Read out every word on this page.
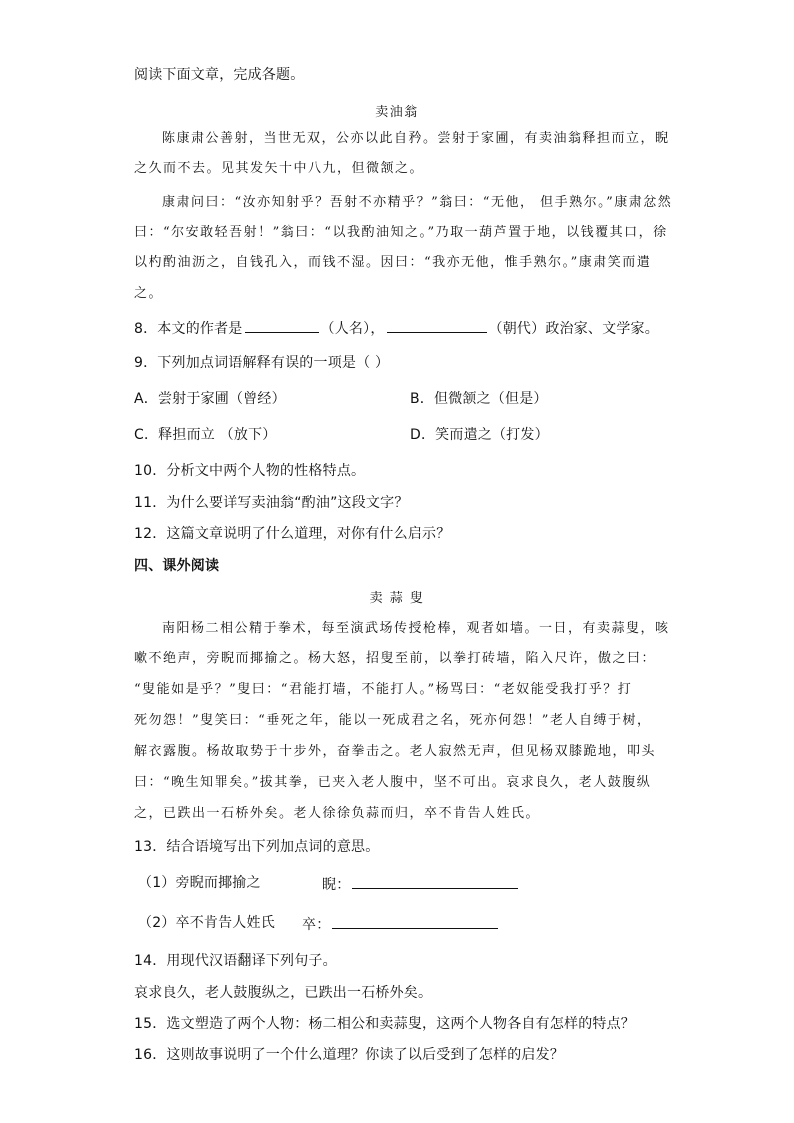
阅读下面文章，完成各题。
卖油翁
陈康肃公善射，当世无双，公亦以此自矜。尝射于家圃，有卖油翁释担而立，睨
之久而不去。见其发矢十中八九，但微颔之。
康肃问曰：“汝亦知射乎？吾射不亦精乎？”翁曰：“无他， 但手熟尔。”康肃忿然
曰：“尔安敢轻吾射！”翁曰：“以我酌油知之。”乃取一葫芦置于地，以钱覆其口，徐
以杓酌油沥之，自钱孔入，而钱不湿。因曰：“我亦无他，惟手熟尔。”康肃笑而遣
之。
8．本文的作者是	（人名），	（朝代）政治家、文学家。
9．下列加点词语解释有误的一项是（ ）
A．尝射于家圃（曾经）	B．但微颔之（但是）
C．释担而立 （放下）	D．笑而遣之（打发）
10．分析文中两个人物的性格特点。
11．为什么要详写卖油翁“酌油”这段文字？
12．这篇文章说明了什么道理，对你有什么启示？
四、课外阅读
卖 蒜 叟
南阳杨二相公精于拳术，每至演武场传授枪棒，观者如墙。一日，有卖蒜叟，咳
嗽不绝声，旁睨而揶揄之。杨大怒，招叟至前，以拳打砖墙，陷入尺许，傲之曰：
“叟能如是乎？”叟曰：“君能打墙，不能打人。”杨骂曰：“老奴能受我打乎？打
死勿怨！”叟笑曰：“垂死之年，能以一死成君之名，死亦何怨！”老人自缚于树，
解衣露腹。杨故取势于十步外，奋拳击之。老人寂然无声，但见杨双膝跪地，叩头
曰：“晚生知罪矣。”拔其拳，已夹入老人腹中，坚不可出。哀求良久，老人鼓腹纵
之，已跌出一石桥外矣。老人徐徐负蒜而归，卒不肯告人姓氏。
13．结合语境写出下列加点词的意思。
（1）旁睨而揶揄之	睨：
（2）卒不肯告人姓氏 卒：
14．用现代汉语翻译下列句子。
哀求良久，老人鼓腹纵之，已跌出一石桥外矣。
15．选文塑造了两个人物：杨二相公和卖蒜叟，这两个人物各自有怎样的特点？
16．这则故事说明了一个什么道理？你读了以后受到了怎样的启发？
